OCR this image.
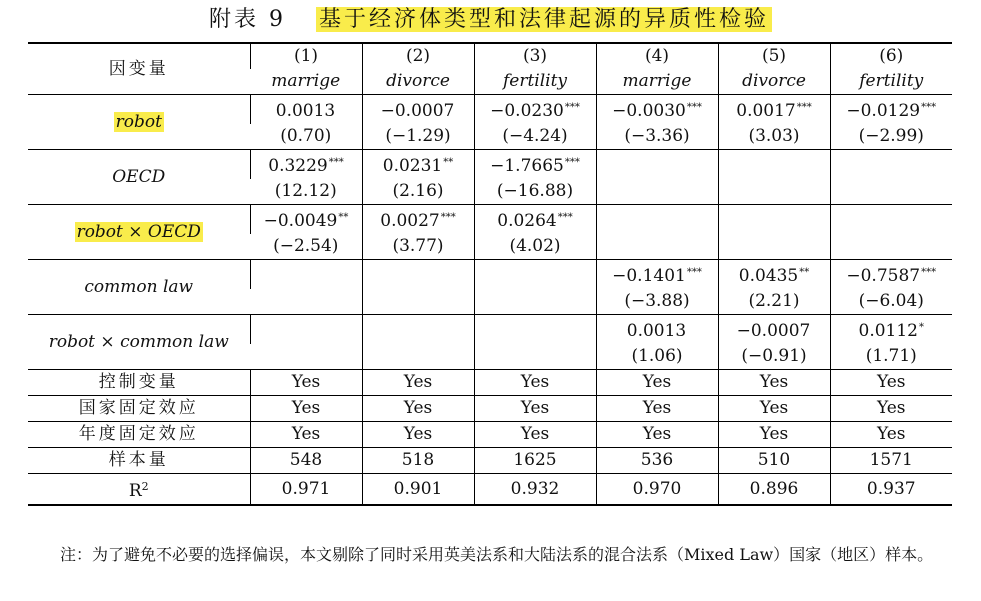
附表 9 基于经济体类型和法律起源的异质性检验
因变量	(1)	(2)	(3)	(4)	(5)	(6)
	marrige	divorce	fertility	marrige	divorce	fertility
robot	0.0013	−0.0007	−0.0230***	−0.0030***	0.0017***	−0.0129***
	(0.70)	(−1.29)	(−4.24)	(−3.36)	(3.03)	(−2.99)
OECD	0.3229***	0.0231**	−1.7665***			
	(12.12)	(2.16)	(−16.88)			
robot × OECD	−0.0049**	0.0027***	0.0264***			
	(−2.54)	(3.77)	(4.02)			
common law				−0.1401***	0.0435**	−0.7587***
				(−3.88)	(2.21)	(−6.04)
robot × common law				0.0013	−0.0007	0.0112*
				(1.06)	(−0.91)	(1.71)
控制变量	Yes	Yes	Yes	Yes	Yes	Yes
国家固定效应	Yes	Yes	Yes	Yes	Yes	Yes
年度固定效应	Yes	Yes	Yes	Yes	Yes	Yes
样本量	548	518	1625	536	510	1571
$R^2$	0.971	0.901	0.932	0.970	0.896	0.937
注：为了避免不必要的选择偏误，本文剔除了同时采用英美法系和大陆法系的混合法系（Mixed Law）国家（地区）样本。
